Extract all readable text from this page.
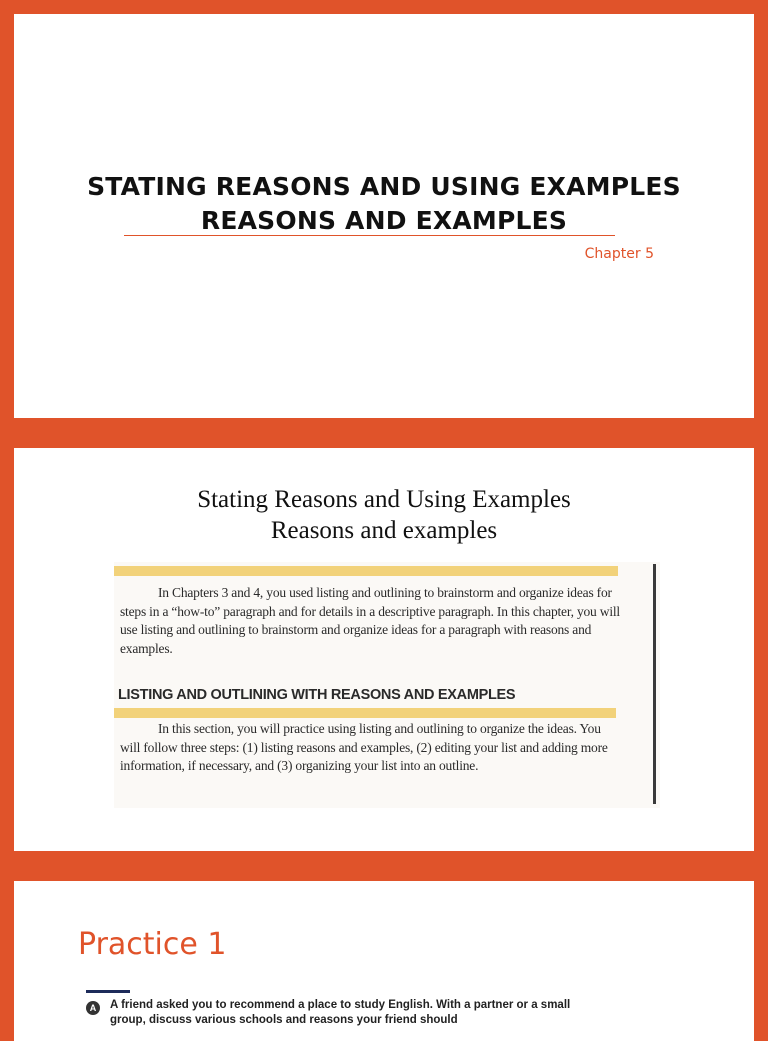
STATING REASONS AND USING EXAMPLES
REASONS AND EXAMPLES
Chapter 5
Stating Reasons and Using Examples
Reasons and examples
In Chapters 3 and 4, you used listing and outlining to brainstorm and organize ideas for steps in a “how-to” paragraph and for details in a descriptive paragraph. In this chapter, you will use listing and outlining to brainstorm and organize ideas for a paragraph with reasons and examples.
LISTING AND OUTLINING WITH REASONS AND EXAMPLES
In this section, you will practice using listing and outlining to organize the ideas. You will follow three steps: (1) listing reasons and examples, (2) editing your list and adding more information, if necessary, and (3) organizing your list into an outline.
Practice 1
A	A friend asked you to recommend a place to study English. With a partner or a small group, discuss various schools and reasons your friend should
